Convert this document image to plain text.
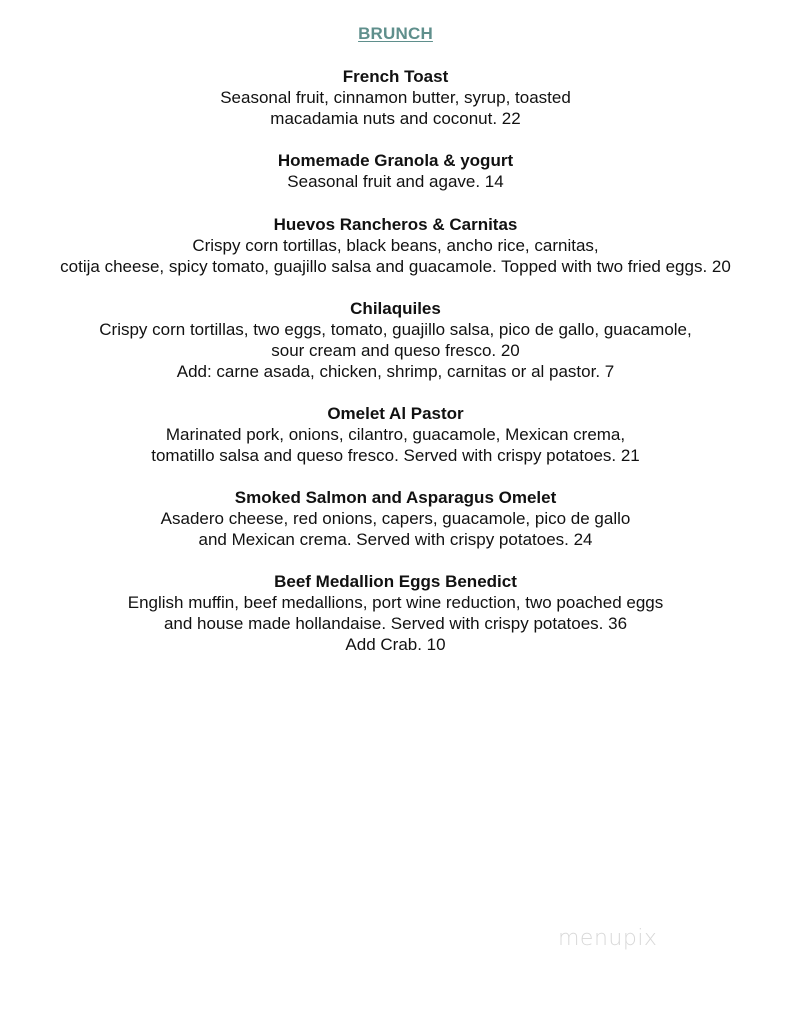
BRUNCH

French Toast

Seasonal fruit, cinnamon butter, syrup, toasted

macadamia nuts and coconut. 22

Homemade Granola & yogurt

Seasonal fruit and agave. 14

Huevos Rancheros & Carnitas

Crispy corn tortillas, black beans, ancho rice, carnitas,

cotija cheese, spicy tomato, guajillo salsa and guacamole. Topped with two fried eggs. 20

Chilaquiles

Crispy corn tortillas, two eggs, tomato, guajillo salsa, pico de gallo, guacamole,

sour cream and queso fresco. 20

Add: carne asada, chicken, shrimp, carnitas or al pastor. 7

Omelet Al Pastor

Marinated pork, onions, cilantro, guacamole, Mexican crema,

tomatillo salsa and queso fresco. Served with crispy potatoes. 21

Smoked Salmon and Asparagus Omelet

Asadero cheese, red onions, capers, guacamole, pico de gallo

and Mexican crema. Served with crispy potatoes. 24

Beef Medallion Eggs Benedict

English muffin, beef medallions, port wine reduction, two poached eggs

and house made hollandaise. Served with crispy potatoes. 36

Add Crab. 10

menupix
